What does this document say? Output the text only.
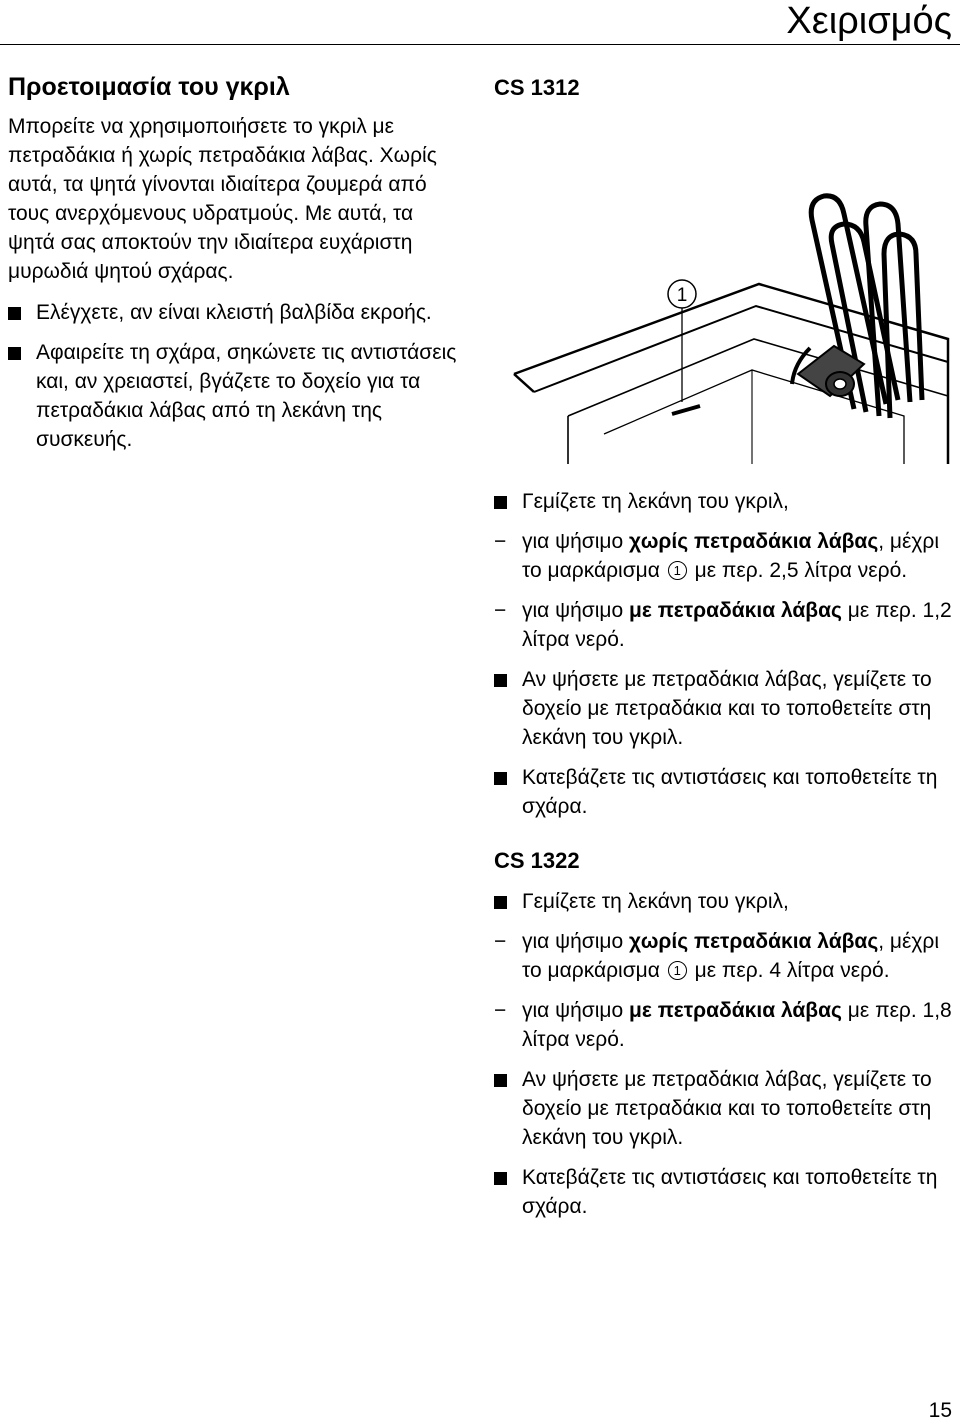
Χειρισμός
Προετοιμασία του γκριλ

Μπορείτε να χρησιμοποιήσετε το γκριλ με πετραδάκια ή χωρίς πετραδάκια λάβας. Χωρίς αυτά, τα ψητά γίνονται ιδιαίτερα ζουμερά από τους ανερχόμενους υδρατμούς. Με αυτά, τα ψητά σας αποκτούν την ιδιαίτερα ευχάριστη μυρωδιά ψητού σχάρας.

Ελέγχετε, αν είναι κλειστή βαλβίδα εκροής.
Αφαιρείτε τη σχάρα, σηκώνετε τις αντιστάσεις και, αν χρειαστεί, βγάζετε το δοχείο για τα πετραδάκια λάβας από τη λεκάνη της συσκευής.
CS 1312
1
Γεμίζετε τη λεκάνη του γκριλ,
− για ψήσιμο χωρίς πετραδάκια λάβας, μέχρι το μαρκάρισμα 1 με περ. 2,5 λίτρα νερό.
− για ψήσιμο με πετραδάκια λάβας με περ. 1,2 λίτρα νερό.
Αν ψήσετε με πετραδάκια λάβας, γεμίζετε το δοχείο με πετραδάκια και το τοποθετείτε στη λεκάνη του γκριλ.
Κατεβάζετε τις αντιστάσεις και τοποθετείτε τη σχάρα.
CS 1322
Γεμίζετε τη λεκάνη του γκριλ,
− για ψήσιμο χωρίς πετραδάκια λάβας, μέχρι το μαρκάρισμα 1 με περ. 4 λίτρα νερό.
− για ψήσιμο με πετραδάκια λάβας με περ. 1,8 λίτρα νερό.
Αν ψήσετε με πετραδάκια λάβας, γεμίζετε το δοχείο με πετραδάκια και το τοποθετείτε στη λεκάνη του γκριλ.
Κατεβάζετε τις αντιστάσεις και τοποθετείτε τη σχάρα.
15
